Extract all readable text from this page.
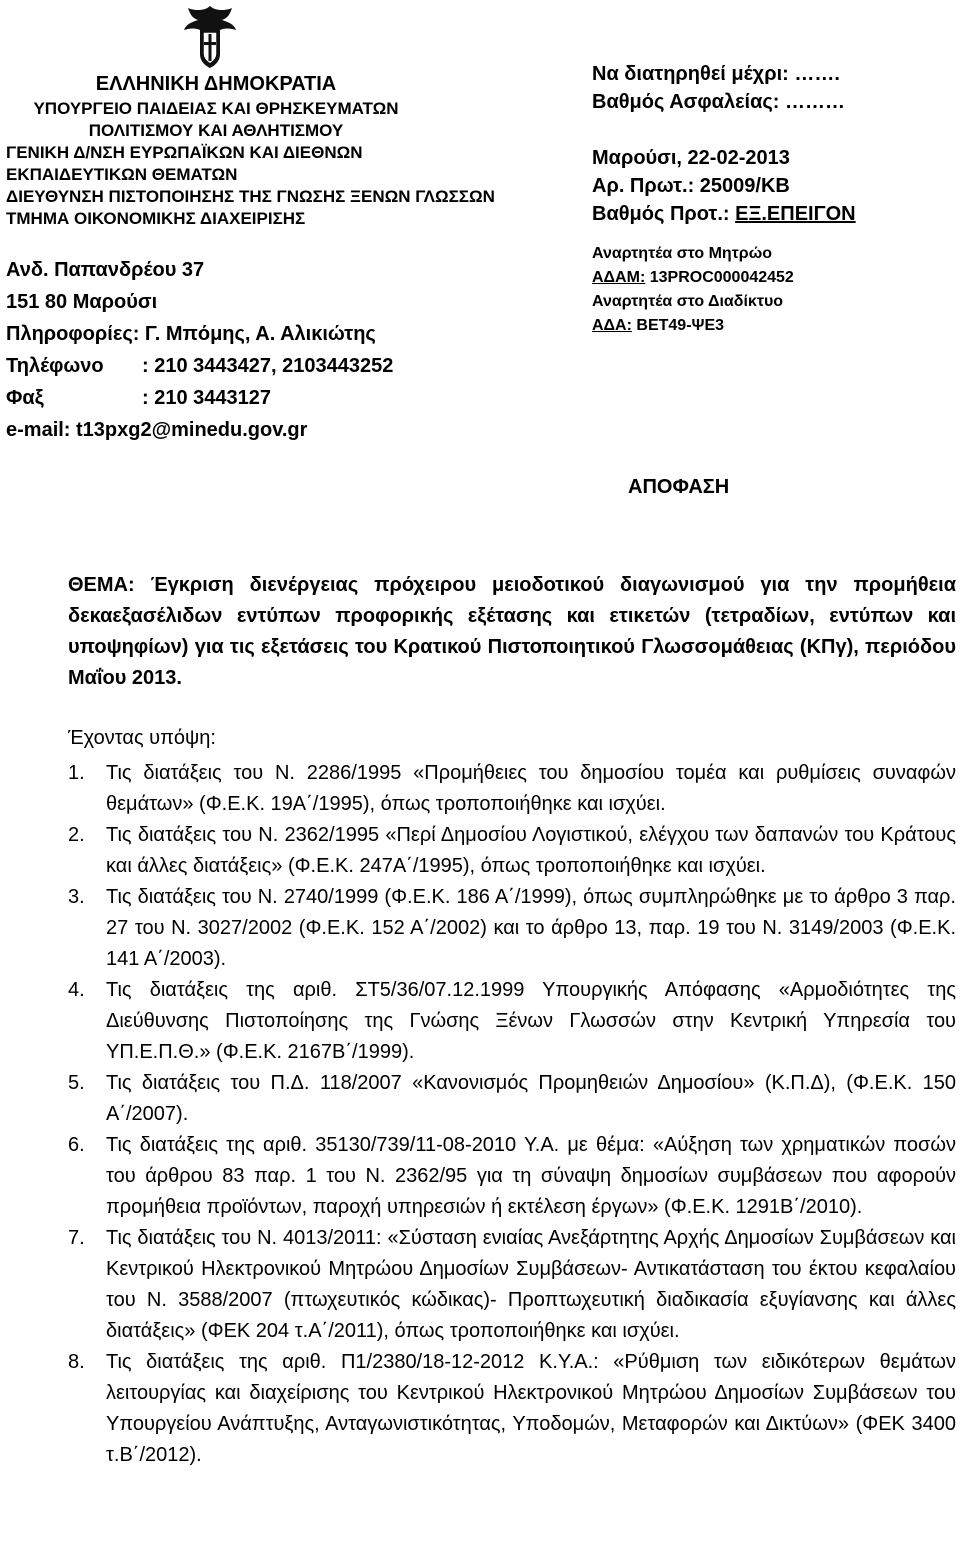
ΕΛΛΗΝΙΚΗ ΔΗΜΟΚΡΑΤΙΑ
ΥΠΟΥΡΓΕΙΟ ΠΑΙΔΕΙΑΣ ΚΑΙ ΘΡΗΣΚΕΥΜΑΤΩΝ
ΠΟΛΙΤΙΣΜΟΥ ΚΑΙ ΑΘΛΗΤΙΣΜΟΥ
ΓΕΝΙΚΗ Δ/ΝΣΗ ΕΥΡΩΠΑΪΚΩΝ ΚΑΙ ΔΙΕΘΝΩΝ
ΕΚΠΑΙΔΕΥΤΙΚΩΝ ΘΕΜΑΤΩΝ
ΔΙΕΥΘΥΝΣΗ ΠΙΣΤΟΠΟΙΗΣΗΣ ΤΗΣ ΓΝΩΣΗΣ ΞΕΝΩΝ ΓΛΩΣΣΩΝ
ΤΜΗΜΑ ΟΙΚΟΝΟΜΙΚΗΣ ΔΙΑΧΕΙΡΙΣΗΣ
Ανδ. Παπανδρέου 37
151 80 Μαρούσι
Πληροφορίες: Γ. Μπόμης, Α. Αλικιώτης
Τηλέφωνο : 210 3443427, 2103443252
Φαξ	: 210 3443127
e-mail: t13pxg2@minedu.gov.gr
Να διατηρηθεί μέχρι: …….
Βαθμός Ασφαλείας: ………
Μαρούσι, 22-02-2013
Αρ. Πρωτ.: 25009/ΚΒ
Βαθμός Προτ.: ΕΞ.ΕΠΕΙΓΟΝ
Αναρτητέα στο Μητρώο
ΑΔΑΜ: 13PROC000042452
Αναρτητέα στο Διαδίκτυο
ΑΔΑ: ΒΕΤ49-ΨΕ3
ΑΠΟΦΑΣΗ
ΘΕΜΑ: Έγκριση διενέργειας πρόχειρου μειοδοτικού διαγωνισμού για την προμήθεια δεκαεξασέλιδων εντύπων προφορικής εξέτασης και ετικετών (τετραδίων, εντύπων και υποψηφίων) για τις εξετάσεις του Κρατικού Πιστοποιητικού Γλωσσομάθειας (ΚΠγ), περιόδου Μαΐου 2013.
Έχοντας υπόψη:
1. Τις διατάξεις του Ν. 2286/1995 «Προμήθειες του δημοσίου τομέα και ρυθμίσεις συναφών θεμάτων» (Φ.Ε.Κ. 19Α΄/1995), όπως τροποποιήθηκε και ισχύει.
2. Τις διατάξεις του Ν. 2362/1995 «Περί Δημοσίου Λογιστικού, ελέγχου των δαπανών του Κράτους και άλλες διατάξεις» (Φ.Ε.Κ. 247Α΄/1995), όπως τροποποιήθηκε και ισχύει.
3. Τις διατάξεις του Ν. 2740/1999 (Φ.Ε.Κ. 186 Α΄/1999), όπως συμπληρώθηκε με το άρθρο 3 παρ. 27 του Ν. 3027/2002 (Φ.Ε.Κ. 152 Α΄/2002) και το άρθρο 13, παρ. 19 του Ν. 3149/2003 (Φ.Ε.Κ. 141 Α΄/2003).
4. Τις διατάξεις της αριθ. ΣΤ5/36/07.12.1999 Υπουργικής Απόφασης «Αρμοδιότητες της Διεύθυνσης Πιστοποίησης της Γνώσης Ξένων Γλωσσών στην Κεντρική Υπηρεσία του ΥΠ.Ε.Π.Θ.» (Φ.Ε.Κ. 2167Β΄/1999).
5. Τις διατάξεις του Π.Δ. 118/2007 «Κανονισμός Προμηθειών Δημοσίου» (Κ.Π.Δ), (Φ.Ε.Κ. 150 Α΄/2007).
6. Τις διατάξεις της αριθ. 35130/739/11-08-2010 Υ.Α. με θέμα: «Αύξηση των χρηματικών ποσών του άρθρου 83 παρ. 1 του Ν. 2362/95 για τη σύναψη δημοσίων συμβάσεων που αφορούν προμήθεια προϊόντων, παροχή υπηρεσιών ή εκτέλεση έργων» (Φ.Ε.Κ. 1291Β΄/2010).
7. Τις διατάξεις του Ν. 4013/2011: «Σύσταση ενιαίας Ανεξάρτητης Αρχής Δημοσίων Συμβάσεων και Κεντρικού Ηλεκτρονικού Μητρώου Δημοσίων Συμβάσεων- Αντικατάσταση του έκτου κεφαλαίου του Ν. 3588/2007 (πτωχευτικός κώδικας)- Προπτωχευτική διαδικασία εξυγίανσης και άλλες διατάξεις» (ΦΕΚ 204 τ.Α΄/2011), όπως τροποποιήθηκε και ισχύει.
8. Τις διατάξεις της αριθ. Π1/2380/18-12-2012 Κ.Υ.Α.: «Ρύθμιση των ειδικότερων θεμάτων λειτουργίας και διαχείρισης του Κεντρικού Ηλεκτρονικού Μητρώου Δημοσίων Συμβάσεων του Υπουργείου Ανάπτυξης, Ανταγωνιστικότητας, Υποδομών, Μεταφορών και Δικτύων» (ΦΕΚ 3400 τ.Β΄/2012).
